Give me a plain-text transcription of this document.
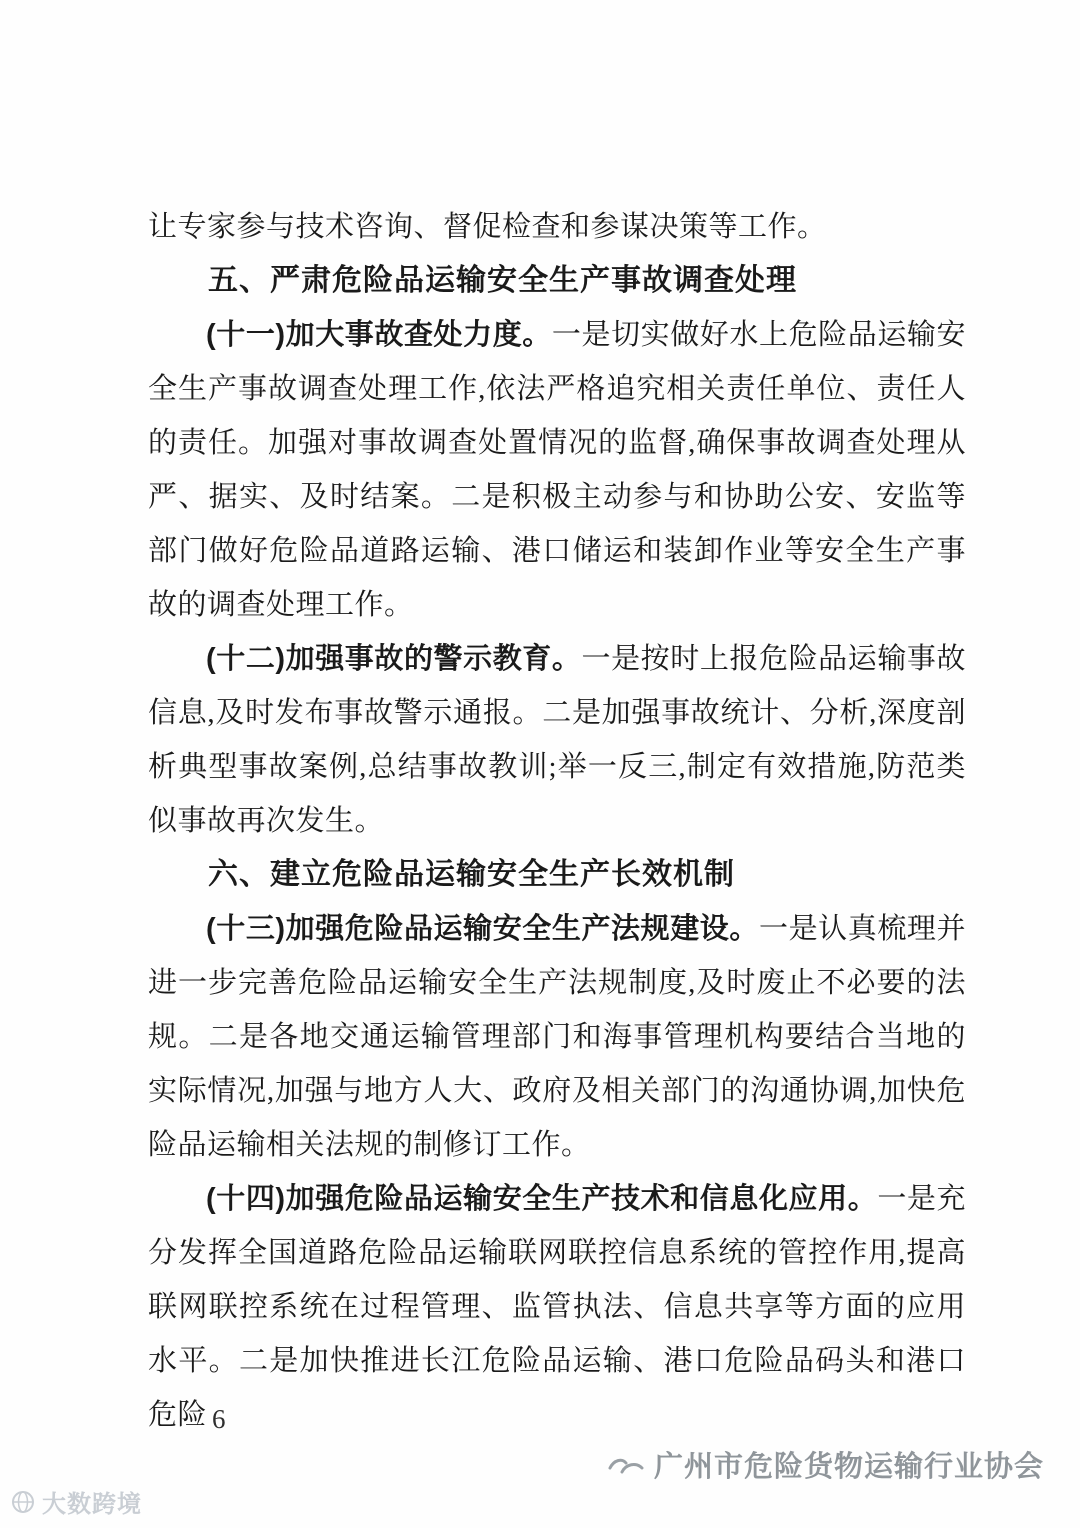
让专家参与技术咨询、督促检查和参谋决策等工作。

五、严肃危险品运输安全生产事故调查处理

(十一)加大事故查处力度。一是切实做好水上危险品运输安全生产事故调查处理工作,依法严格追究相关责任单位、责任人的责任。加强对事故调查处置情况的监督,确保事故调查处理从严、据实、及时结案。二是积极主动参与和协助公安、安监等部门做好危险品道路运输、港口储运和装卸作业等安全生产事故的调查处理工作。

(十二)加强事故的警示教育。一是按时上报危险品运输事故信息,及时发布事故警示通报。二是加强事故统计、分析,深度剖析典型事故案例,总结事故教训;举一反三,制定有效措施,防范类似事故再次发生。

六、建立危险品运输安全生产长效机制

(十三)加强危险品运输安全生产法规建设。一是认真梳理并进一步完善危险品运输安全生产法规制度,及时废止不必要的法规。二是各地交通运输管理部门和海事管理机构要结合当地的实际情况,加强与地方人大、政府及相关部门的沟通协调,加快危险品运输相关法规的制修订工作。

(十四)加强危险品运输安全生产技术和信息化应用。一是充分发挥全国道路危险品运输联网联控信息系统的管控作用,提高联网联控系统在过程管理、监管执法、信息共享等方面的应用水平。二是加快推进长江危险品运输、港口危险品码头和港口危险 6
广州市危险货物运输行业协会
大数跨境
